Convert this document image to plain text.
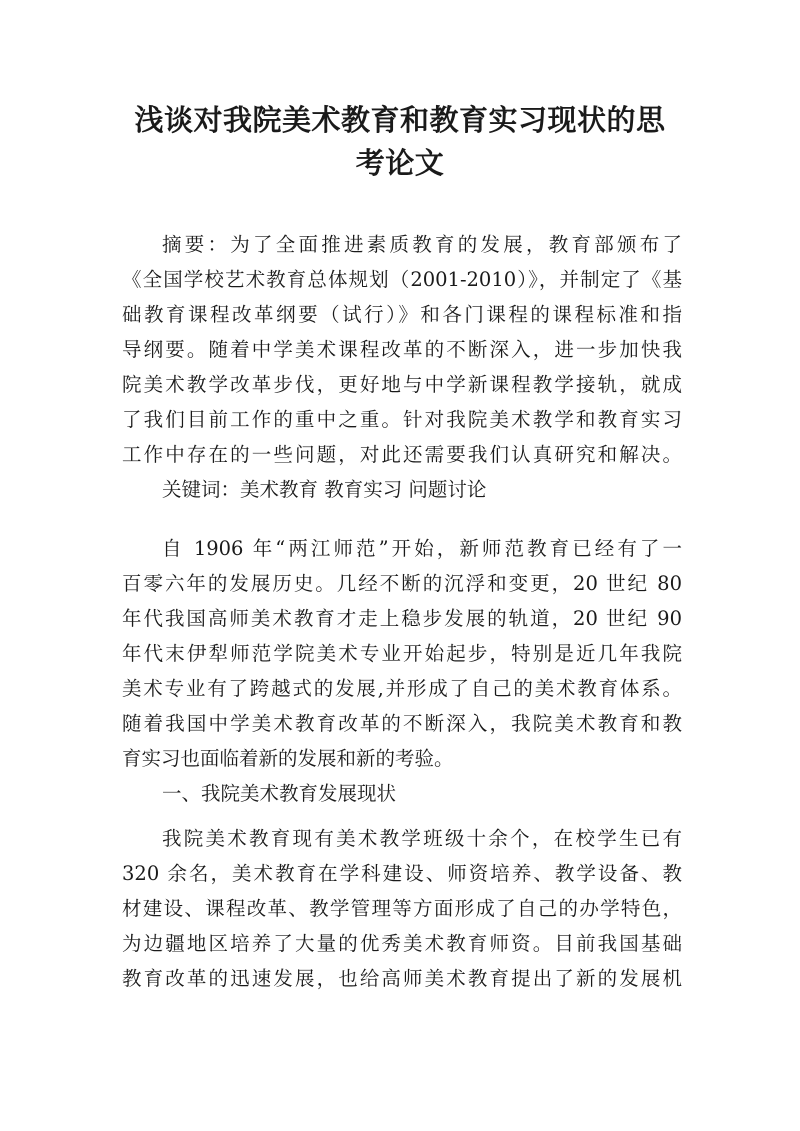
浅谈对我院美术教育和教育实习现状的思
考论文
摘要：为了全面推进素质教育的发展，教育部颁布了
《全国学校艺术教育总体规划（2001-2010）》，并制定了《基
础教育课程改革纲要（试行）》和各门课程的课程标准和指
导纲要。随着中学美术课程改革的不断深入，进一步加快我
院美术教学改革步伐，更好地与中学新课程教学接轨，就成
了我们目前工作的重中之重。针对我院美术教学和教育实习
工作中存在的一些问题，对此还需要我们认真研究和解决。
关键词：美术教育 教育实习 问题讨论
自 1906 年“两江师范”开始，新师范教育已经有了一
百零六年的发展历史。几经不断的沉浮和变更，20 世纪 80
年代我国高师美术教育才走上稳步发展的轨道，20 世纪 90
年代末伊犁师范学院美术专业开始起步，特别是近几年我院
美术专业有了跨越式的发展,并形成了自己的美术教育体系。
随着我国中学美术教育改革的不断深入，我院美术教育和教
育实习也面临着新的发展和新的考验。
一、我院美术教育发展现状
我院美术教育现有美术教学班级十余个，在校学生已有
320 余名，美术教育在学科建设、师资培养、教学设备、教
材建设、课程改革、教学管理等方面形成了自己的办学特色，
为边疆地区培养了大量的优秀美术教育师资。目前我国基础
教育改革的迅速发展，也给高师美术教育提出了新的发展机
